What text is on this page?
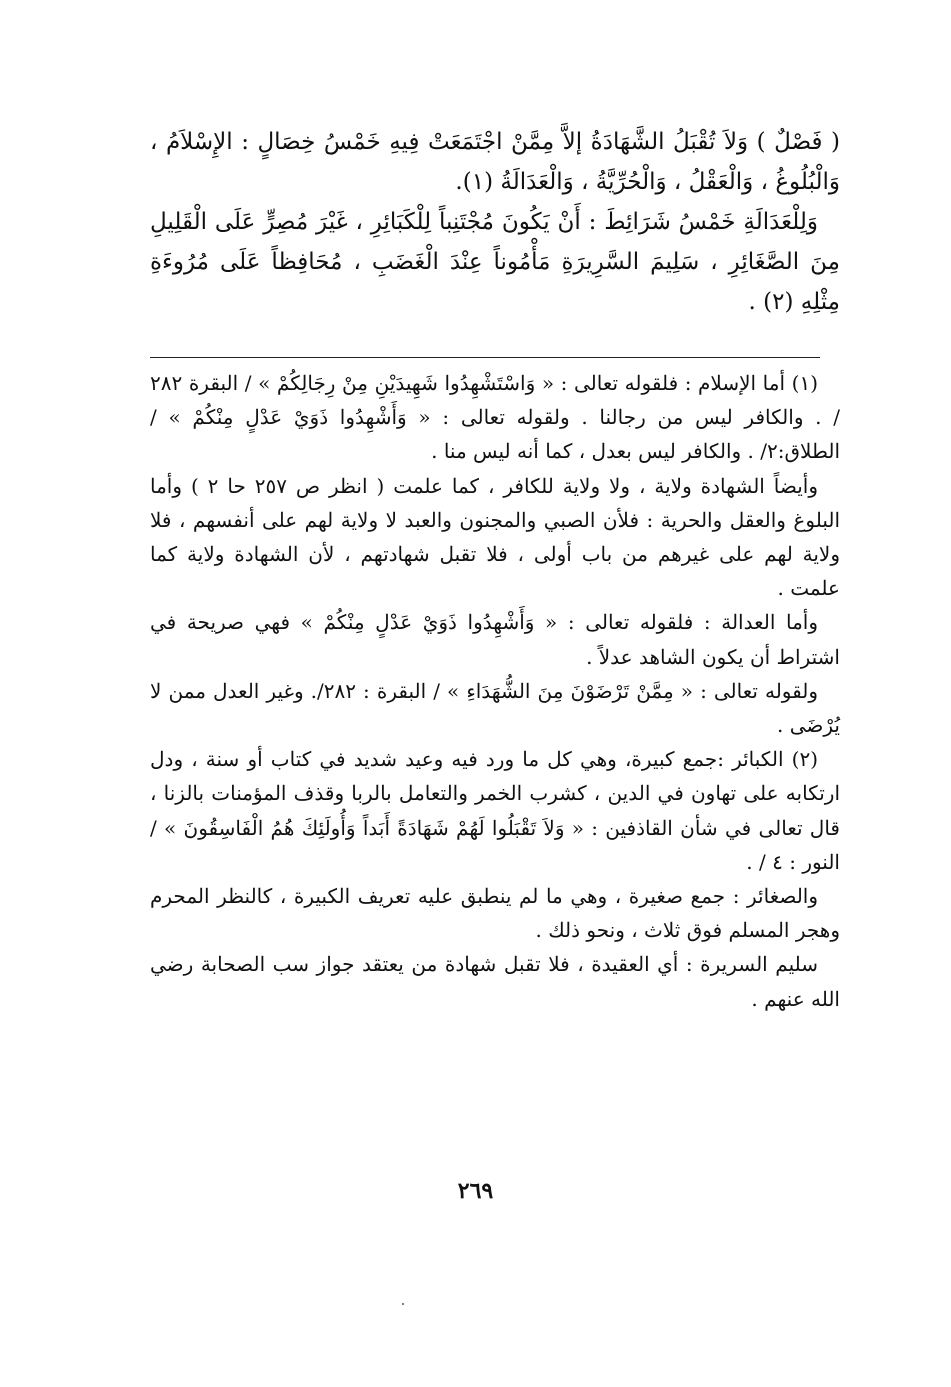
( فَصْلٌ ) وَلاَ تُقْبَلُ الشَّهَادَةُ إلاَّ مِمَّنْ اجْتَمَعَتْ فِيهِ خَمْسُ خِصَالٍ : الإِسْلاَمُ ، وَالْبُلُوغُ ، وَالْعَقْلُ ، وَالْحُرِّيَّةُ ، وَالْعَدَالَةُ (١).

وَلِلْعَدَالَةِ خَمْسُ شَرَائِطَ : أَنْ يَكُونَ مُجْتَنِباً لِلْكَبَائِرِ ، غَيْرَ مُصِرٍّ عَلَى الْقَلِيلِ مِنَ الصَّغَائِرِ ، سَلِيمَ السَّرِيرَةِ مَأْمُوناً عِنْدَ الْغَضَبِ ، مُحَافِظاً عَلَى مُرُوءَةِ مِثْلِهِ (٢) .

(١) أما الإسلام : فلقوله تعالى : « وَاسْتَشْهِدُوا شَهِيدَيْنِ مِنْ رِجَالِكُمْ » / البقرة ٢٨٢ / . والكافر ليس من رجالنا . ولقوله تعالى : « وَأَشْهِدُوا ذَوَيْ عَدْلٍ مِنْكُمْ » / الطلاق:٢/ . والكافر ليس بعدل ، كما أنه ليس منا .

وأيضاً الشهادة ولاية ، ولا ولاية للكافر ، كما علمت ( انظر ص ٢٥٧ حا ٢ ) وأما البلوغ والعقل والحرية : فلأن الصبي والمجنون والعبد لا ولاية لهم على أنفسهم ، فلا ولاية لهم على غيرهم من باب أولى ، فلا تقبل شهادتهم ، لأن الشهادة ولاية كما علمت .

وأما العدالة : فلقوله تعالى : « وَأَشْهِدُوا ذَوَيْ عَدْلٍ مِنْكُمْ » فهي صريحة في اشتراط أن يكون الشاهد عدلاً .

ولقوله تعالى : « مِمَّنْ تَرْضَوْنَ مِنَ الشُّهَدَاءِ » / البقرة : ٢٨٢/. وغير العدل ممن لا يُرْضَى .

(٢) الكبائر :جمع كبيرة، وهي كل ما ورد فيه وعيد شديد في كتاب أو سنة ، ودل ارتكابه على تهاون في الدين ، كشرب الخمر والتعامل بالربا وقذف المؤمنات بالزنا ، قال تعالى في شأن القاذفين : « وَلاَ تَقْبَلُوا لَهُمْ شَهَادَةً أَبَداً وَأُولَئِكَ هُمُ الْفَاسِقُونَ » / النور : ٤ / .

والصغائر : جمع صغيرة ، وهي ما لم ينطبق عليه تعريف الكبيرة ، كالنظر المحرم وهجر المسلم فوق ثلاث ، ونحو ذلك .

سليم السريرة : أي العقيدة ، فلا تقبل شهادة من يعتقد جواز سب الصحابة رضي الله عنهم .

٢٦٩
